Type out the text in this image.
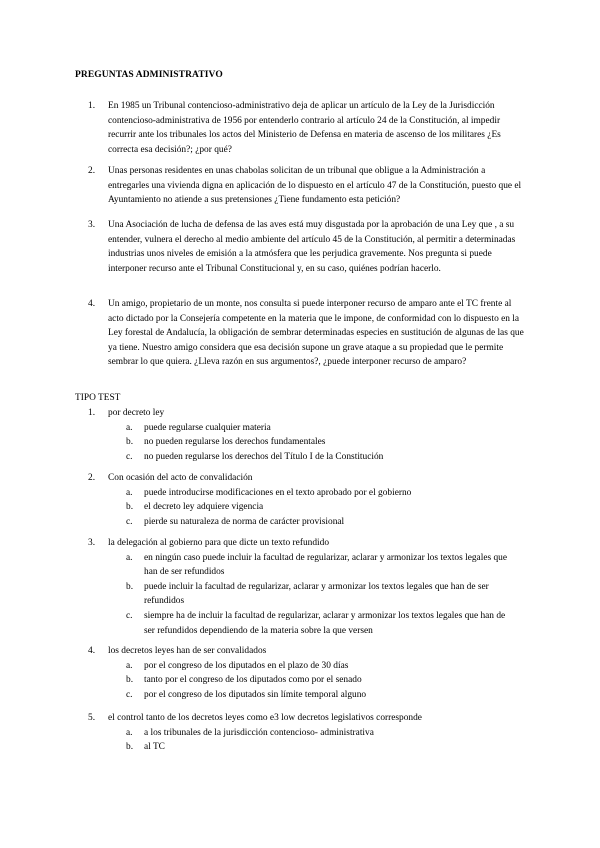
PREGUNTAS ADMINISTRATIVO
1.	En 1985 un Tribunal contencioso-administrativo deja de aplicar un artículo de la Ley de la Jurisdicción contencioso-administrativa de 1956 por entenderlo contrario al artículo 24 de la Constitución, al impedir recurrir ante los tribunales los actos del Ministerio de Defensa en materia de ascenso de los militares ¿Es correcta esa decisión?; ¿por qué?
2.	Unas personas residentes en unas chabolas solicitan de un tribunal que obligue a la Administración a entregarles una vivienda digna en aplicación de lo dispuesto en el artículo 47 de la Constitución, puesto que el Ayuntamiento no atiende a sus pretensiones ¿Tiene fundamento esta petición?
3.	Una Asociación de lucha de defensa de las aves está muy disgustada por la aprobación de una Ley que , a su entender, vulnera el derecho al medio ambiente del artículo 45 de la Constitución, al permitir a determinadas industrias unos niveles de emisión a la atmósfera que les perjudica gravemente. Nos pregunta si puede interponer recurso ante el Tribunal Constitucional y, en su caso, quiénes podrían hacerlo.
4.	Un amigo, propietario de un monte, nos consulta si puede interponer recurso de amparo ante el TC frente al acto dictado por la Consejería competente en la materia que le impone, de conformidad con lo dispuesto en la Ley forestal de Andalucía, la obligación de sembrar determinadas especies en sustitución de algunas de las que ya tiene. Nuestro amigo considera que esa decisión supone un grave ataque a su propiedad que le permite sembrar lo que quiera. ¿Lleva razón en sus argumentos?, ¿puede interponer recurso de amparo?
TIPO TEST
1.	por decreto ley
a.	puede regularse cualquier materia
b.	no pueden regularse los derechos fundamentales
c.	no pueden regularse los derechos del Título I de la Constitución
2.	Con ocasión del acto de convalidación
a.	puede introducirse modificaciones en el texto aprobado por el gobierno
b.	el decreto ley adquiere vigencia
c.	pierde su naturaleza de norma de carácter provisional
3.	la delegación al gobierno para que dicte un texto refundido
a.	en ningún caso puede incluir la facultad de regularizar, aclarar y armonizar los textos legales que han de ser refundidos
b.	puede incluir la facultad de regularizar, aclarar y armonizar los textos legales que han de ser refundidos
c.	siempre ha de incluir la facultad de regularizar, aclarar y armonizar los textos legales que han de ser refundidos dependiendo de la materia sobre la que versen
4.	los decretos leyes han de ser convalidados
a.	por el congreso de los diputados en el plazo de 30 días
b.	tanto por el congreso de los diputados como por el senado
c.	por el congreso de los diputados sin límite temporal alguno
5.	el control tanto de los decretos leyes como e3 low decretos legislativos corresponde
a.	a los tribunales de la jurisdicción contencioso- administrativa
b.	al TC
